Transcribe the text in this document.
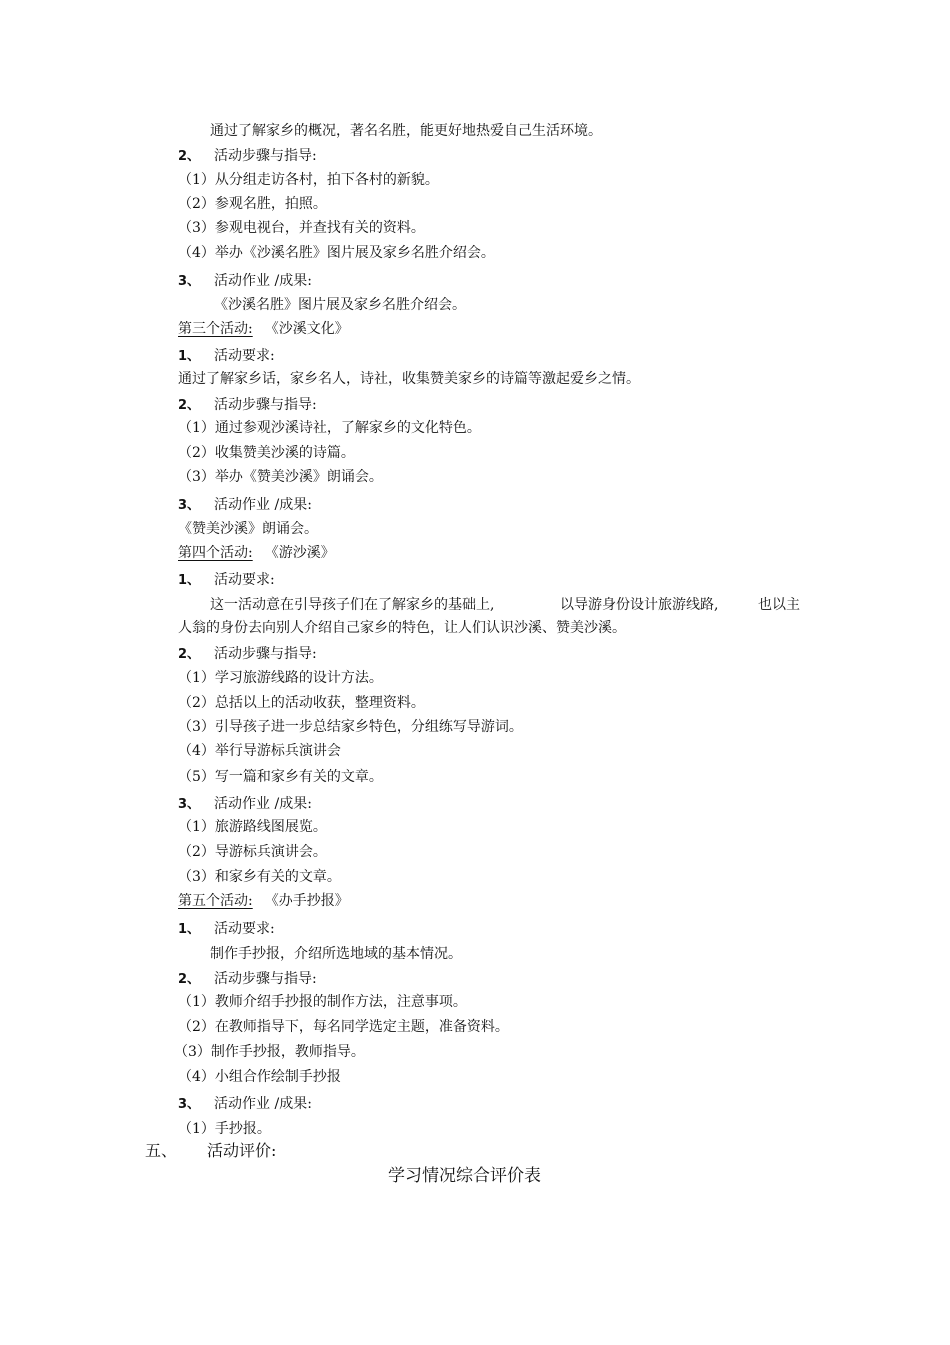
通过了解家乡的概况，著名名胜，能更好地热爱自己生活环境。
2、 活动步骤与指导:
（1）从分组走访各村，拍下各村的新貌。
（2）参观名胜，拍照。
（3）参观电视台，并查找有关的资料。
（4）举办《沙溪名胜》图片展及家乡名胜介绍会。
3、 活动作业 /成果:
《沙溪名胜》图片展及家乡名胜介绍会。
第三个活动: 《沙溪文化》
1、 活动要求:
通过了解家乡话，家乡名人，诗社，收集赞美家乡的诗篇等激起爱乡之情。
2、 活动步骤与指导:
（1）通过参观沙溪诗社，了解家乡的文化特色。
（2）收集赞美沙溪的诗篇。
（3）举办《赞美沙溪》朗诵会。
3、 活动作业 /成果:
《赞美沙溪》朗诵会。
第四个活动: 《游沙溪》
1、 活动要求:
这一活动意在引导孩子们在了解家乡的基础上,	以导游身份设计旅游线路,	也以主
人翁的身份去向别人介绍自己家乡的特色，让人们认识沙溪、赞美沙溪。
2、 活动步骤与指导:
（1）学习旅游线路的设计方法。
（2）总括以上的活动收获，整理资料。
（3）引导孩子进一步总结家乡特色，分组练写导游词。
（4）举行导游标兵演讲会
（5）写一篇和家乡有关的文章。
3、 活动作业 /成果:
（1）旅游路线图展览。
（2）导游标兵演讲会。
（3）和家乡有关的文章。
第五个活动: 《办手抄报》
1、 活动要求:
制作手抄报，介绍所选地域的基本情况。
2、 活动步骤与指导:
（1）教师介绍手抄报的制作方法，注意事项。
（2）在教师指导下，每名同学选定主题，准备资料。
（3）制作手抄报，教师指导。
（4）小组合作绘制手抄报
3、 活动作业 /成果:
（1）手抄报。
五、 活动评价:
学习情况综合评价表
